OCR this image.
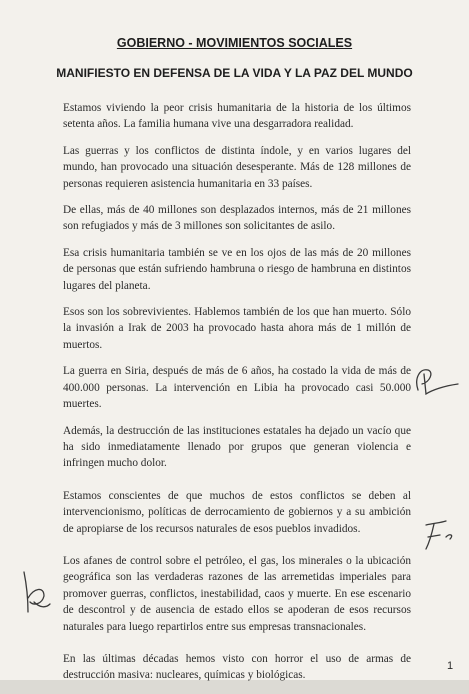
GOBIERNO - MOVIMIENTOS SOCIALES
MANIFIESTO EN DEFENSA DE LA VIDA Y LA PAZ DEL MUNDO

Estamos viviendo la peor crisis humanitaria de la historia de los últimos setenta años. La familia humana vive una desgarradora realidad.

Las guerras y los conflictos de distinta índole, y en varios lugares del mundo, han provocado una situación desesperante. Más de 128 millones de personas requieren asistencia humanitaria en 33 países.

De ellas, más de 40 millones son desplazados internos, más de 21 millones son refugiados y más de 3 millones son solicitantes de asilo.

Esa crisis humanitaria también se ve en los ojos de las más de 20 millones de personas que están sufriendo hambruna o riesgo de hambruna en distintos lugares del planeta.

Esos son los sobrevivientes. Hablemos también de los que han muerto. Sólo la invasión a Irak de 2003 ha provocado hasta ahora más de 1 millón de muertos.

La guerra en Siria, después de más de 6 años, ha costado la vida de más de 400.000 personas. La intervención en Libia ha provocado casi 50.000 muertes.

Además, la destrucción de las instituciones estatales ha dejado un vacío que ha sido inmediatamente llenado por grupos que generan violencia e infringen mucho dolor.

Estamos conscientes de que muchos de estos conflictos se deben al intervencionismo, políticas de derrocamiento de gobiernos y a su ambición de apropiarse de los recursos naturales de esos pueblos invadidos.

Los afanes de control sobre el petróleo, el gas, los minerales o la ubicación geográfica son las verdaderas razones de las arremetidas imperiales para promover guerras, conflictos, inestabilidad, caos y muerte. En ese escenario de descontrol y de ausencia de estado ellos se apoderan de esos recursos naturales para luego repartirlos entre sus empresas transnacionales.

En las últimas décadas hemos visto con horror el uso de armas de destrucción masiva: nucleares, químicas y biológicas.

1
